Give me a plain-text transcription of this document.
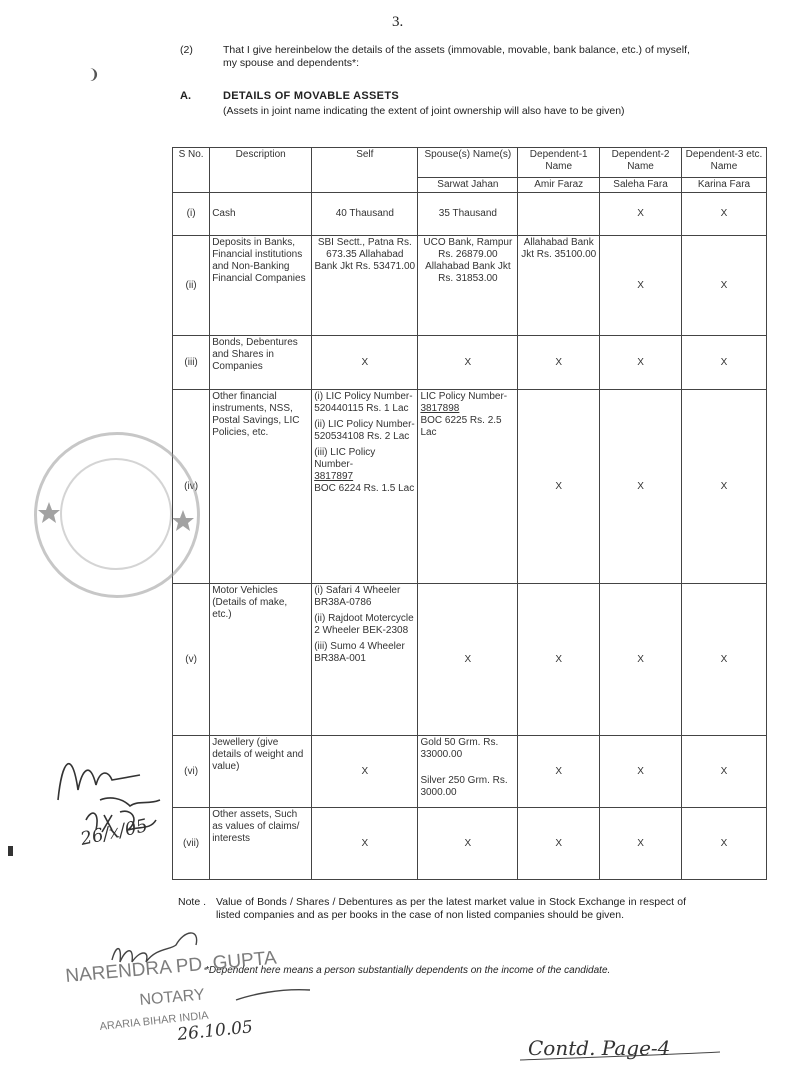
3.
❩
(2)	That I give hereinbelow the details of the assets (immovable, movable, bank balance, etc.) of myself, my spouse and dependents*:
A.	DETAILS OF MOVABLE ASSETS
(Assets in joint name indicating the extent of joint ownership will also have to be given)
S No.	Description	Self	Spouse(s) Name(s)	Dependent-1 Name	Dependent-2 Name	Dependent-3 etc. Name
			Sarwat Jahan	Amir Faraz	Saleha Fara	Karina Fara
(i)	Cash	40 Thausand	35 Thausand		X	X
(ii)	Deposits in Banks, Financial institutions and Non-Banking Financial Companies	SBI Sectt., Patna Rs. 673.35 Allahabad Bank Jkt Rs. 53471.00	UCO Bank, Rampur Rs. 26879.00 Allahabad Bank Jkt Rs. 31853.00	Allahabad Bank Jkt Rs. 35100.00	X	X
(iii)	Bonds, Debentures and Shares in Companies	X	X	X	X	X
(iv)	Other financial instruments, NSS, Postal Savings, LIC Policies, etc.	(i) LIC Policy Number- 520440115 Rs. 1 Lac
(ii) LIC Policy Number- 520534108 Rs. 2 Lac
(iii) LIC Policy Number-
3817897
BOC 6224 Rs. 1.5 Lac	LIC Policy Number-
3817898
BOC 6225 Rs. 2.5 Lac	X	X	X
(v)	Motor Vehicles (Details of make, etc.)	(i) Safari 4 Wheeler BR38A-0786
(ii) Rajdoot Motercycle 2 Wheeler BEK-2308
(iii) Sumo 4 Wheeler BR38A-001	X	X	X	X
(vi)	Jewellery (give details of weight and value)	X	Gold 50 Grm. Rs. 33000.00
Silver 250 Grm. Rs. 3000.00	X	X	X
(vii)	Other assets, Such as values of claims/ interests	X	X	X	X	X
Note . Value of Bonds / Shares / Debentures as per the latest market value in Stock Exchange in respect of listed companies and as per books in the case of non listed companies should be given.
*Dependent here means a person substantially dependents on the income of the candidate.
NARENDRA PD. GUPTA
NOTARY
ARARIA BIHAR INDIA
26.10.05
26/x/05
Contd. Page-4
